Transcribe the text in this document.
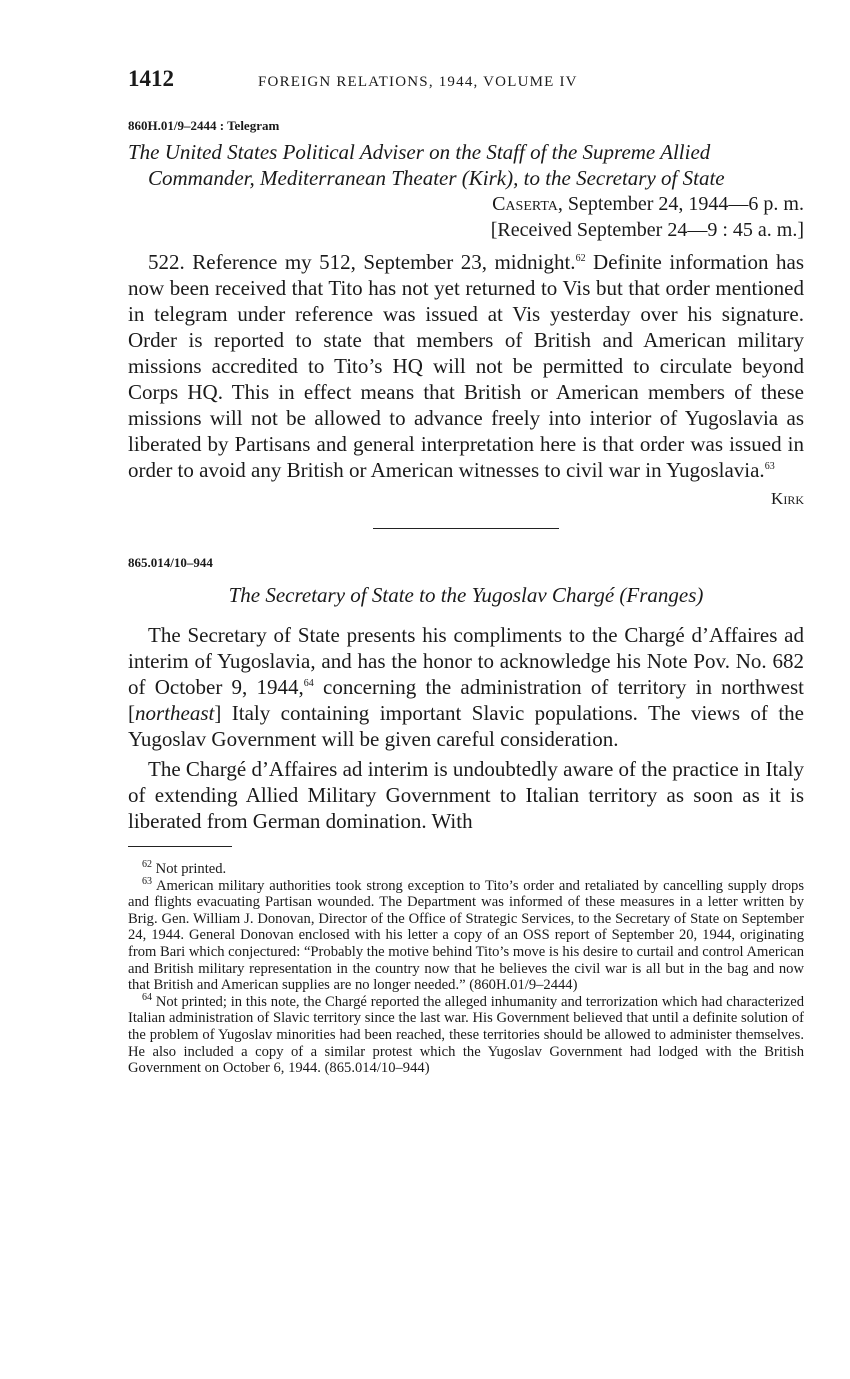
1412	FOREIGN RELATIONS, 1944, VOLUME IV
860H.01/9–2444 : Telegram
The United States Political Adviser on the Staff of the Supreme Allied Commander, Mediterranean Theater (Kirk), to the Secretary of State
Caserta, September 24, 1944—6 p. m.
[Received September 24—9 : 45 a. m.]

522. Reference my 512, September 23, midnight.$^{62}$ Definite information has now been received that Tito has not yet returned to Vis but that order mentioned in telegram under reference was issued at Vis yesterday over his signature. Order is reported to state that members of British and American military missions accredited to Tito’s HQ will not be permitted to circulate beyond Corps HQ. This in effect means that British or American members of these missions will not be allowed to advance freely into interior of Yugoslavia as liberated by Partisans and general interpretation here is that order was issued in order to avoid any British or American witnesses to civil war in Yugoslavia.$^{63}$

Kirk
865.014/10–944
The Secretary of State to the Yugoslav Chargé (Franges)

The Secretary of State presents his compliments to the Chargé d’Affaires ad interim of Yugoslavia, and has the honor to acknowledge his Note Pov. No. 682 of October 9, 1944,64 concerning the administration of territory in northwest [northeast] Italy containing important Slavic populations. The views of the Yugoslav Government will be given careful consideration.

The Chargé d’Affaires ad interim is undoubtedly aware of the practice in Italy of extending Allied Military Government to Italian territory as soon as it is liberated from German domination. With

$^{62}$ Not printed.

$^{63}$ American military authorities took strong exception to Tito’s order and retaliated by cancelling supply drops and flights evacuating Partisan wounded. The Department was informed of these measures in a letter written by Brig. Gen. William J. Donovan, Director of the Office of Strategic Services, to the Secretary of State on September 24, 1944. General Donovan enclosed with his letter a copy of an OSS report of September 20, 1944, originating from Bari which conjectured: “Probably the motive behind Tito’s move is his desire to curtail and control American and British military representation in the country now that he believes the civil war is all but in the bag and now that British and American supplies are no longer needed.” (860H.01/9–2444)

$^{64}$ Not printed; in this note, the Chargé reported the alleged inhumanity and terrorization which had characterized Italian administration of Slavic territory since the last war. His Government believed that until a definite solution of the problem of Yugoslav minorities had been reached, these territories should be allowed to administer themselves. He also included a copy of a similar protest which the Yugoslav Government had lodged with the British Government on October 6, 1944. (865.014/10–944)
